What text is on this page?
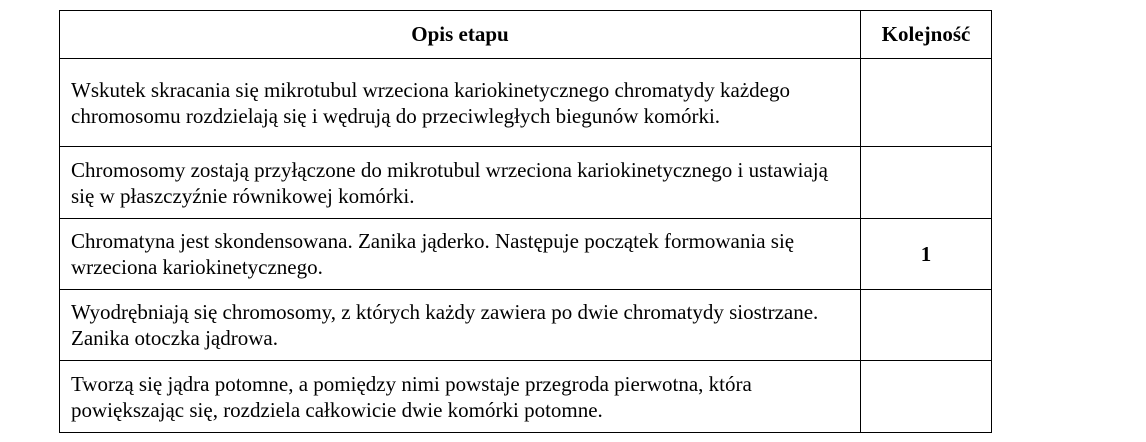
Opis etapu	Kolejność
Wskutek skracania się mikrotubul wrzeciona kariokinetycznego chromatydy każdego chromosomu rozdzielają się i wędrują do przeciwległych biegunów komórki.	
Chromosomy zostają przyłączone do mikrotubul wrzeciona kariokinetycznego i ustawiają się w płaszczyźnie równikowej komórki.	
Chromatyna jest skondensowana. Zanika jąderko. Następuje początek formowania się wrzeciona kariokinetycznego.	1
Wyodrębniają się chromosomy, z których każdy zawiera po dwie chromatydy siostrzane. Zanika otoczka jądrowa.	
Tworzą się jądra potomne, a pomiędzy nimi powstaje przegroda pierwotna, która powiększając się, rozdziela całkowicie dwie komórki potomne.	
